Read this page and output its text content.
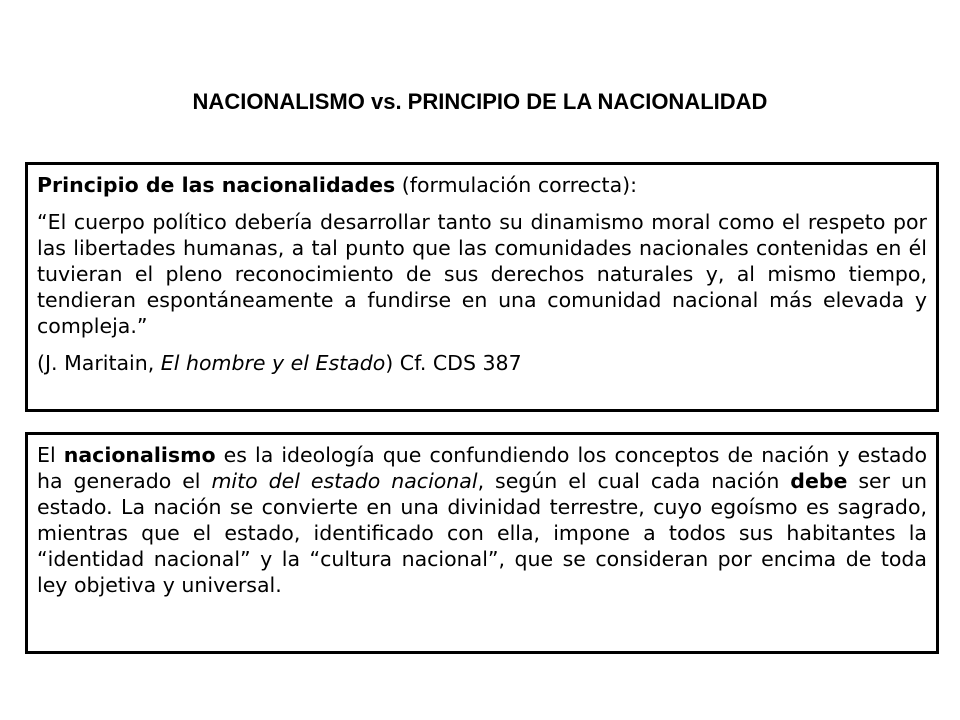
NACIONALISMO vs. PRINCIPIO DE LA NACIONALIDAD

Principio de las nacionalidades (formulación correcta):

“El cuerpo político debería desarrollar tanto su dinamismo moral como el respeto por las libertades humanas, a tal punto que las comunidades nacionales contenidas en él tuvieran el pleno reconocimiento de sus derechos naturales y, al mismo tiempo, tendieran espontáneamente a fundirse en una comunidad nacional más elevada y compleja.”

(J. Maritain, El hombre y el Estado) Cf. CDS 387

El nacionalismo es la ideología que confundiendo los conceptos de nación y estado ha generado el mito del estado nacional, según el cual cada nación debe ser un estado. La nación se convierte en una divinidad terrestre, cuyo egoísmo es sagrado, mientras que el estado, identificado con ella, impone a todos sus habitantes la “identidad nacional” y la “cultura nacional”, que se consideran por encima de toda ley objetiva y universal.
